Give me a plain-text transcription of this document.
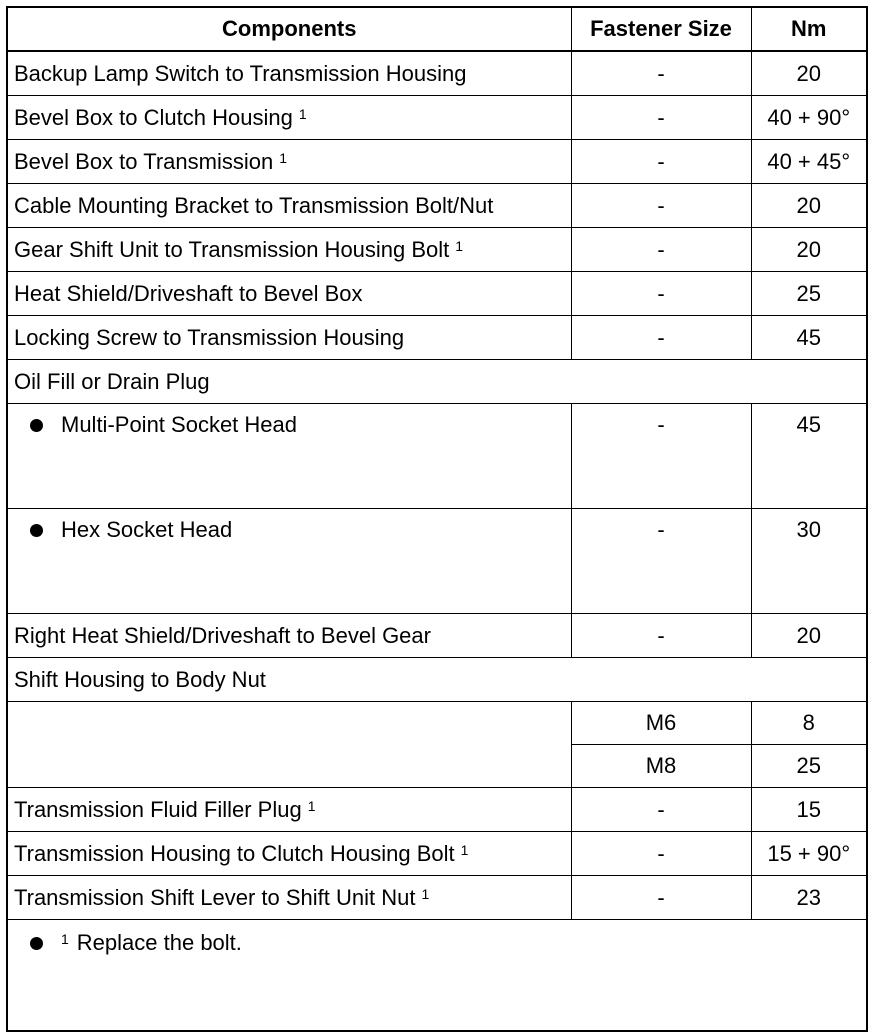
Components	Fastener Size	Nm
Backup Lamp Switch to Transmission Housing	-	20
Bevel Box to Clutch Housing $^1$	-	40 + 90°
Bevel Box to Transmission $^1$	-	40 + 45°
Cable Mounting Bracket to Transmission Bolt/Nut	-	20
Gear Shift Unit to Transmission Housing Bolt $^1$	-	20
Heat Shield/Driveshaft to Bevel Box	-	25
Locking Screw to Transmission Housing	-	45
Oil Fill or Drain Plug		
Multi-Point Socket Head	-	45
Hex Socket Head	-	30
Right Heat Shield/Driveshaft to Bevel Gear	-	20
Shift Housing to Body Nut		
	M6	8
	M8	25
Transmission Fluid Filler Plug $^1$	-	15
Transmission Housing to Clutch Housing Bolt $^1$	-	15 + 90°
Transmission Shift Lever to Shift Unit Nut $^1$	-	23
$^1$ Replace the bolt.		
